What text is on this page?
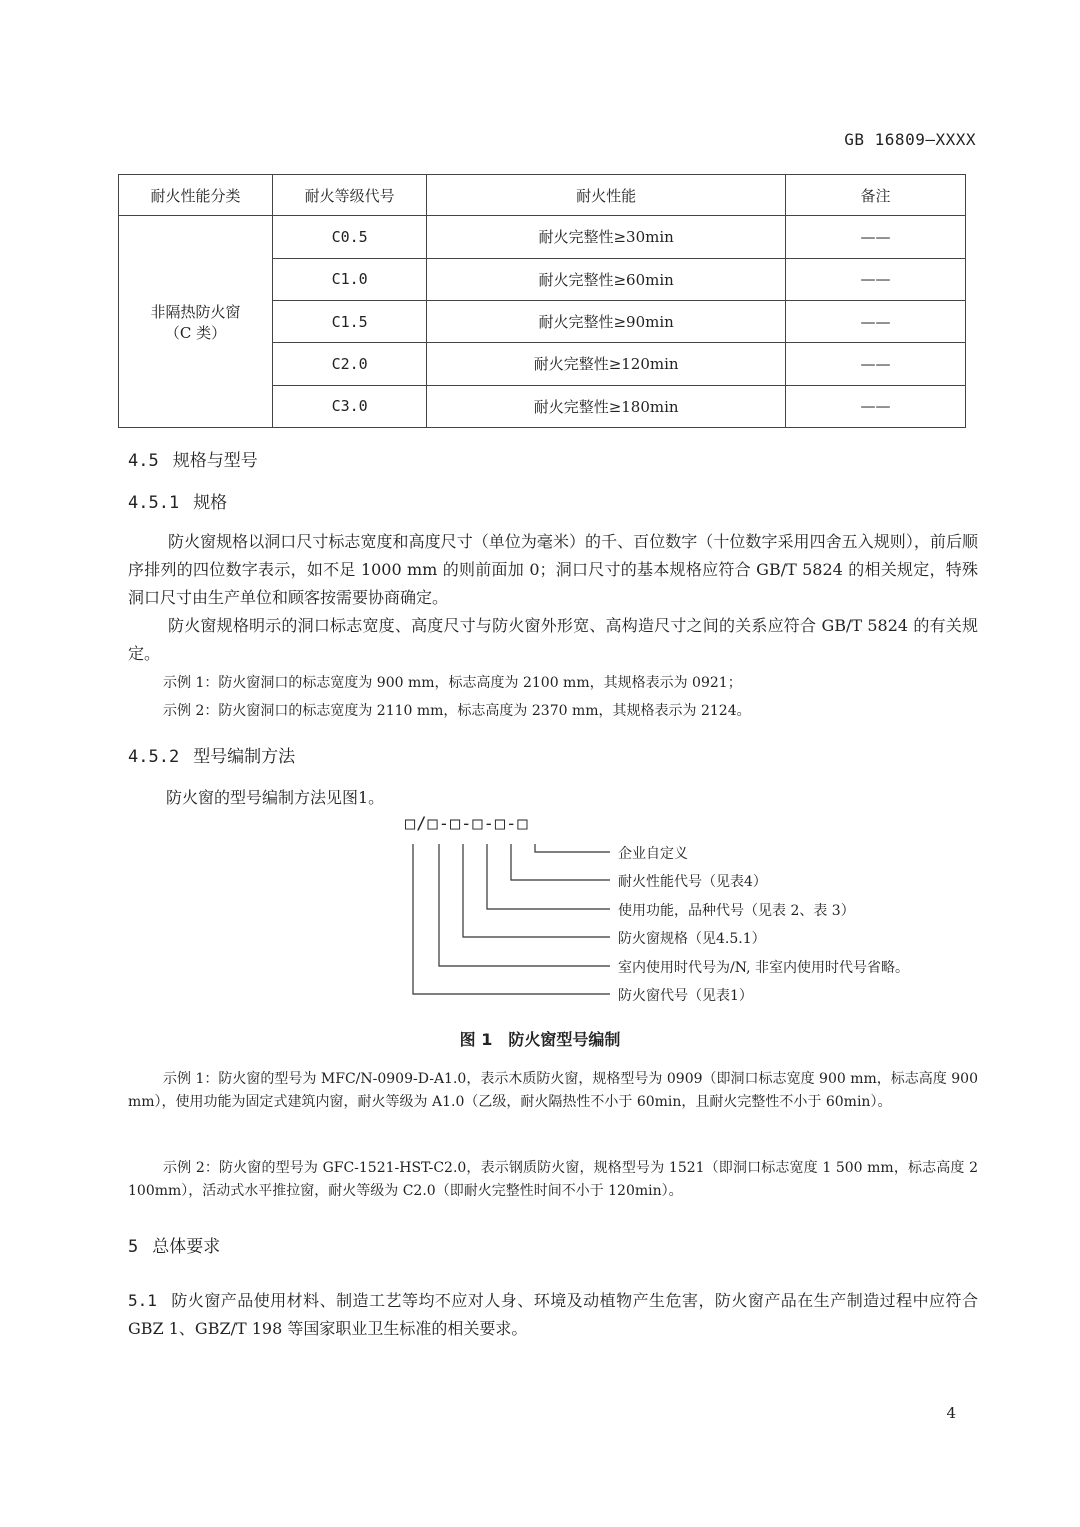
GB 16809—XXXX
耐火性能分类	耐火等级代号	耐火性能	备注

非隔热防火窗
（C 类）	C0.5	耐火完整性≥30min	——
	C1.0	耐火完整性≥60min	——
	C1.5	耐火完整性≥90min	——
	C2.0	耐火完整性≥120min	——
	C3.0	耐火完整性≥180min	——
4.5 规格与型号
4.5.1 规格
防火窗规格以洞口尺寸标志宽度和高度尺寸（单位为毫米）的千、百位数字（十位数字采用四舍五入规则），前后顺序排列的四位数字表示，如不足 1000 mm 的则前面加 0；洞口尺寸的基本规格应符合 GB/T 5824 的相关规定，特殊洞口尺寸由生产单位和顾客按需要协商确定。
防火窗规格明示的洞口标志宽度、高度尺寸与防火窗外形宽、高构造尺寸之间的关系应符合 GB/T 5824 的有关规定。
示例 1：防火窗洞口的标志宽度为 900 mm，标志高度为 2100 mm，其规格表示为 0921；
示例 2：防火窗洞口的标志宽度为 2110 mm，标志高度为 2370 mm，其规格表示为 2124。
4.5.2 型号编制方法
防火窗的型号编制方法见图1。
□/□-□-□-□-□
企业自定义
耐火性能代号（见表4）
使用功能，品种代号（见表 2、表 3）
防火窗规格（见4.5.1）
室内使用时代号为/N, 非室内使用时代号省略。
防火窗代号（见表1）
图 1　防火窗型号编制
示例 1：防火窗的型号为 MFC/N-0909-D-A1.0，表示木质防火窗，规格型号为 0909（即洞口标志宽度 900 mm，标志高度 900 mm），使用功能为固定式建筑内窗，耐火等级为 A1.0（乙级，耐火隔热性不小于 60min，且耐火完整性不小于 60min）。
示例 2：防火窗的型号为 GFC-1521-HST-C2.0，表示钢质防火窗，规格型号为 1521（即洞口标志宽度 1 500 mm，标志高度 2 100mm），活动式水平推拉窗，耐火等级为 C2.0（即耐火完整性时间不小于 120min）。
5 总体要求
5.1 防火窗产品使用材料、制造工艺等均不应对人身、环境及动植物产生危害，防火窗产品在生产制造过程中应符合 GBZ 1、GBZ/T 198 等国家职业卫生标准的相关要求。
4
